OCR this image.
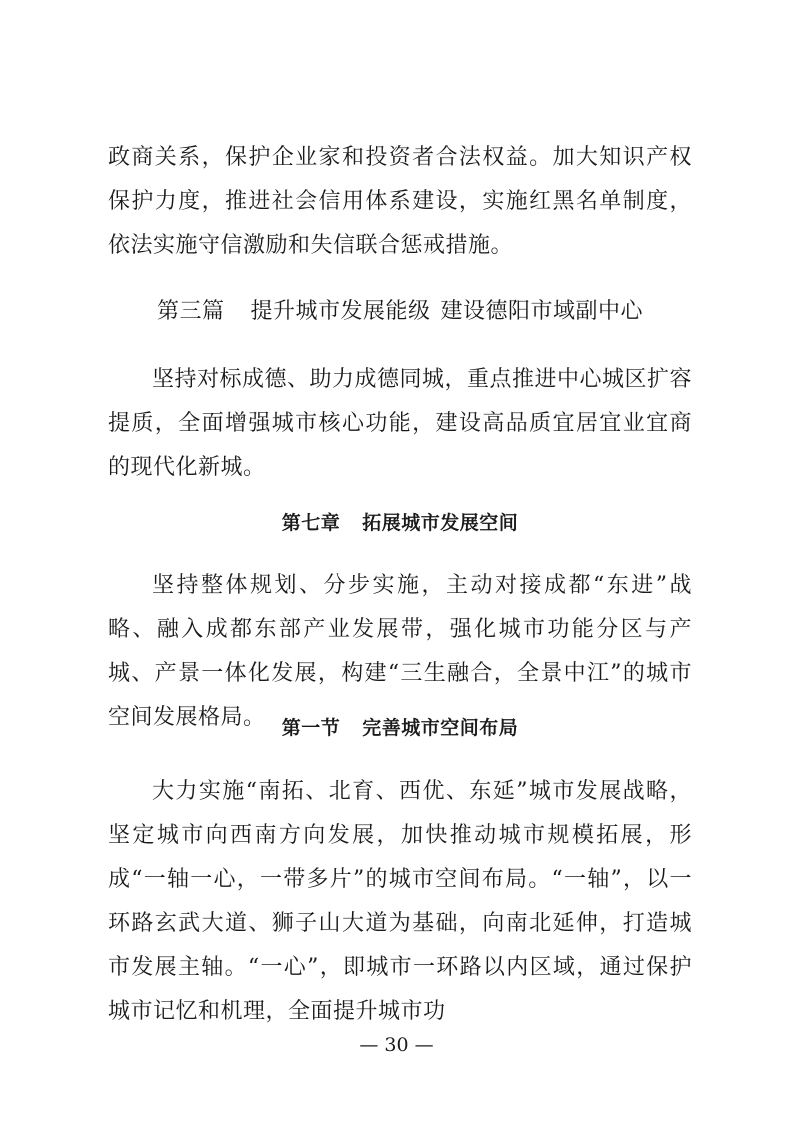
政商关系，保护企业家和投资者合法权益。加大知识产权保护力度，推进社会信用体系建设，实施红黑名单制度，依法实施守信激励和失信联合惩戒措施。

第三篇 提升城市发展能级 建设德阳市域副中心

坚持对标成德、助力成德同城，重点推进中心城区扩容提质，全面增强城市核心功能，建设高品质宜居宜业宜商的现代化新城。

第七章 拓展城市发展空间

坚持整体规划、分步实施，主动对接成都“东进”战略、融入成都东部产业发展带，强化城市功能分区与产城、产景一体化发展，构建“三生融合，全景中江”的城市空间发展格局。 第一节 完善城市空间布局

大力实施“南拓、北育、西优、东延”城市发展战略，坚定城市向西南方向发展，加快推动城市规模拓展，形成“一轴一心，一带多片”的城市空间布局。“一轴”，以一环路玄武大道、狮子山大道为基础，向南北延伸，打造城市发展主轴。“一心”，即城市一环路以内区域，通过保护城市记忆和机理，全面提升城市功

— 30 —
